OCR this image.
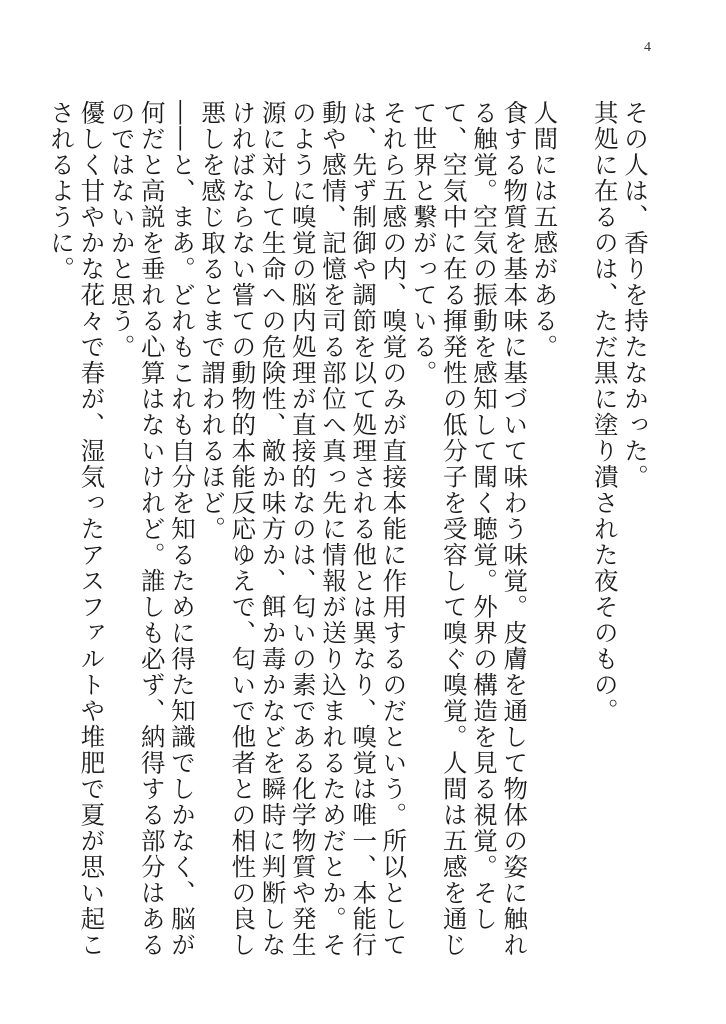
4

その人は、香りを持たなかった。

其処に在るのは、ただ黒に塗り潰された夜そのもの。

人間には五感がある。

食する物質を基本味に基づいて味わう味覚。皮膚を通して物体の姿に触れる触覚。空気の振動を感知して聞く聴覚。外界の構造を見る視覚。そして、空気中に在る揮発性の低分子を受容して嗅ぐ嗅覚。人間は五感を通じて世界と繋がっている。

それら五感の内、嗅覚のみが直接本能に作用するのだという。所以としては、先ず制御や調節を以て処理される他とは異なり、嗅覚は唯一、本能行動や感情、記憶を司る部位へ真っ先に情報が送り込まれるためだとか。そのように嗅覚の脳内処理が直接的なのは、匂いの素である化学物質や発生源に対して生命への危険性、敵か味方か、餌か毒かなどを瞬時に判断しなければならない嘗ての動物的本能反応ゆえで、匂いで他者との相性の良し悪しを感じ取るとまで謂われるほど。

――と、まあ。どれもこれも自分を知るために得た知識でしかなく、脳が何だと高説を垂れる心算はないけれど。誰しも必ず、納得する部分はあるのではないかと思う。

優しく甘やかな花々で春が、湿気ったアスファルトや堆肥で夏が思い起こされるように。
